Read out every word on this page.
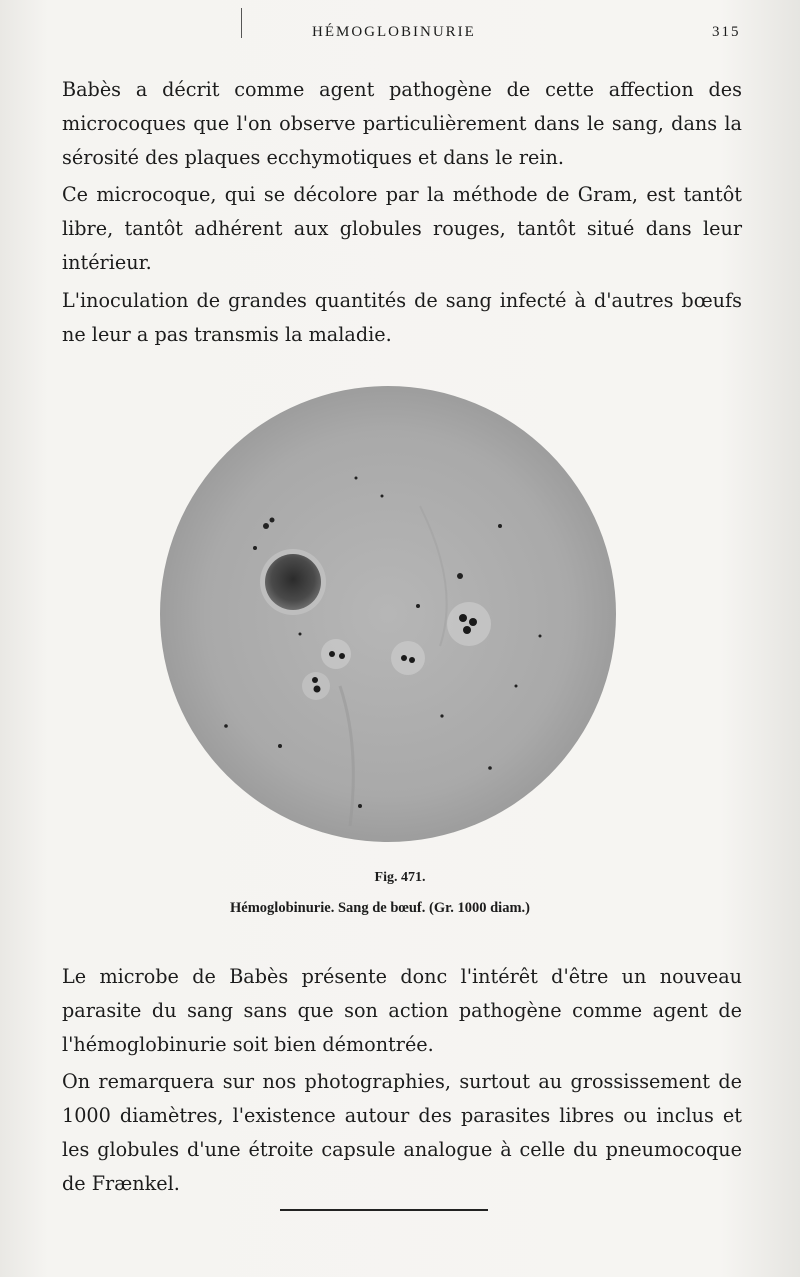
HÉMOGLOBINURIE	315
Babès a décrit comme agent pathogène de cette affection des microcoques que l'on observe particulièrement dans le sang, dans la sérosité des plaques ecchymotiques et dans le rein.
Ce microcoque, qui se décolore par la méthode de Gram, est tantôt libre, tantôt adhérent aux globules rouges, tantôt situé dans leur intérieur.
L'inoculation de grandes quantités de sang infecté à d'autres bœufs ne leur a pas transmis la maladie.
Fig. 471.
Hémoglobinurie. Sang de bœuf. (Gr. 1000 diam.)
Le microbe de Babès présente donc l'intérêt d'être un nouveau parasite du sang sans que son action pathogène comme agent de l'hémoglobinurie soit bien démontrée.
On remarquera sur nos photographies, surtout au grossissement de 1000 diamètres, l'existence autour des parasites libres ou inclus et les globules d'une étroite capsule analogue à celle du pneumocoque de Frænkel.
